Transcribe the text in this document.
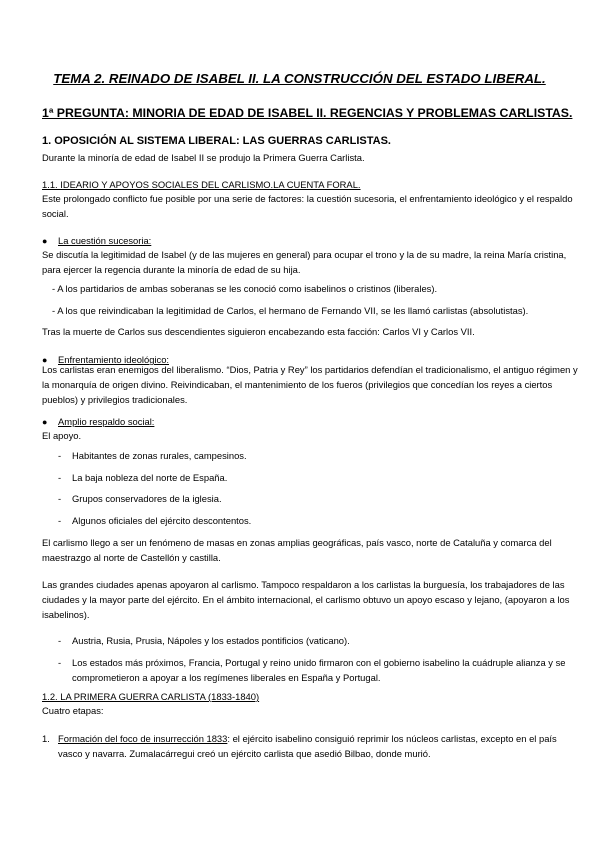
TEMA 2. REINADO DE ISABEL II. LA CONSTRUCCIÓN DEL ESTADO LIBERAL.
1ª PREGUNTA: MINORIA DE EDAD DE ISABEL II. REGENCIAS Y PROBLEMAS CARLISTAS.
1. OPOSICIÓN AL SISTEMA LIBERAL: LAS GUERRAS CARLISTAS.
Durante la minoría de edad de Isabel II se produjo la Primera Guerra Carlista.
1.1. IDEARIO Y APOYOS SOCIALES DEL CARLISMO.LA CUENTA FORAL.
Este prolongado conflicto fue posible por una serie de factores: la cuestión sucesoria, el enfrentamiento ideológico y el respaldo social.
● La cuestión sucesoria:
Se discutía la legitimidad de Isabel (y de las mujeres en general) para ocupar el trono y la de su madre, la reina María cristina, para ejercer la regencia durante la minoría de edad de su hija.
- A los partidarios de ambas soberanas se les conoció como isabelinos o cristinos (liberales).
- A los que reivindicaban la legitimidad de Carlos, el hermano de Fernando VII, se les llamó carlistas (absolutistas).
Tras la muerte de Carlos sus descendientes siguieron encabezando esta facción: Carlos VI y Carlos VII.
● Enfrentamiento ideológico:
Los carlistas eran enemigos del liberalismo. “Dios, Patria y Rey” los partidarios defendían el tradicionalismo, el antiguo régimen y la monarquía de origen divino. Reivindicaban, el mantenimiento de los fueros (privilegios que concedían los reyes a ciertos pueblos) y privilegios tradicionales.
● Amplio respaldo social:
El apoyo.
- Habitantes de zonas rurales, campesinos.
- La baja nobleza del norte de España.
- Grupos conservadores de la iglesia.
- Algunos oficiales del ejército descontentos.
El carlismo llego a ser un fenómeno de masas en zonas amplias geográficas, país vasco, norte de Cataluña y comarca del maestrazgo al norte de Castellón y castilla.
Las grandes ciudades apenas apoyaron al carlismo. Tampoco respaldaron a los carlistas la burguesía, los trabajadores de las ciudades y la mayor parte del ejército. En el ámbito internacional, el carlismo obtuvo un apoyo escaso y lejano, (apoyaron a los isabelinos).
- Austria, Rusia, Prusia, Nápoles y los estados pontificios (vaticano).
- Los estados más próximos, Francia, Portugal y reino unido firmaron con el gobierno isabelino la cuádruple alianza y se comprometieron a apoyar a los regímenes liberales en España y Portugal.
1.2. LA PRIMERA GUERRA CARLISTA (1833-1840)
Cuatro etapas:
1. Formación del foco de insurrección 1833: el ejército isabelino consiguió reprimir los núcleos carlistas, excepto en el país vasco y navarra. Zumalacárregui creó un ejército carlista que asedió Bilbao, donde murió.
